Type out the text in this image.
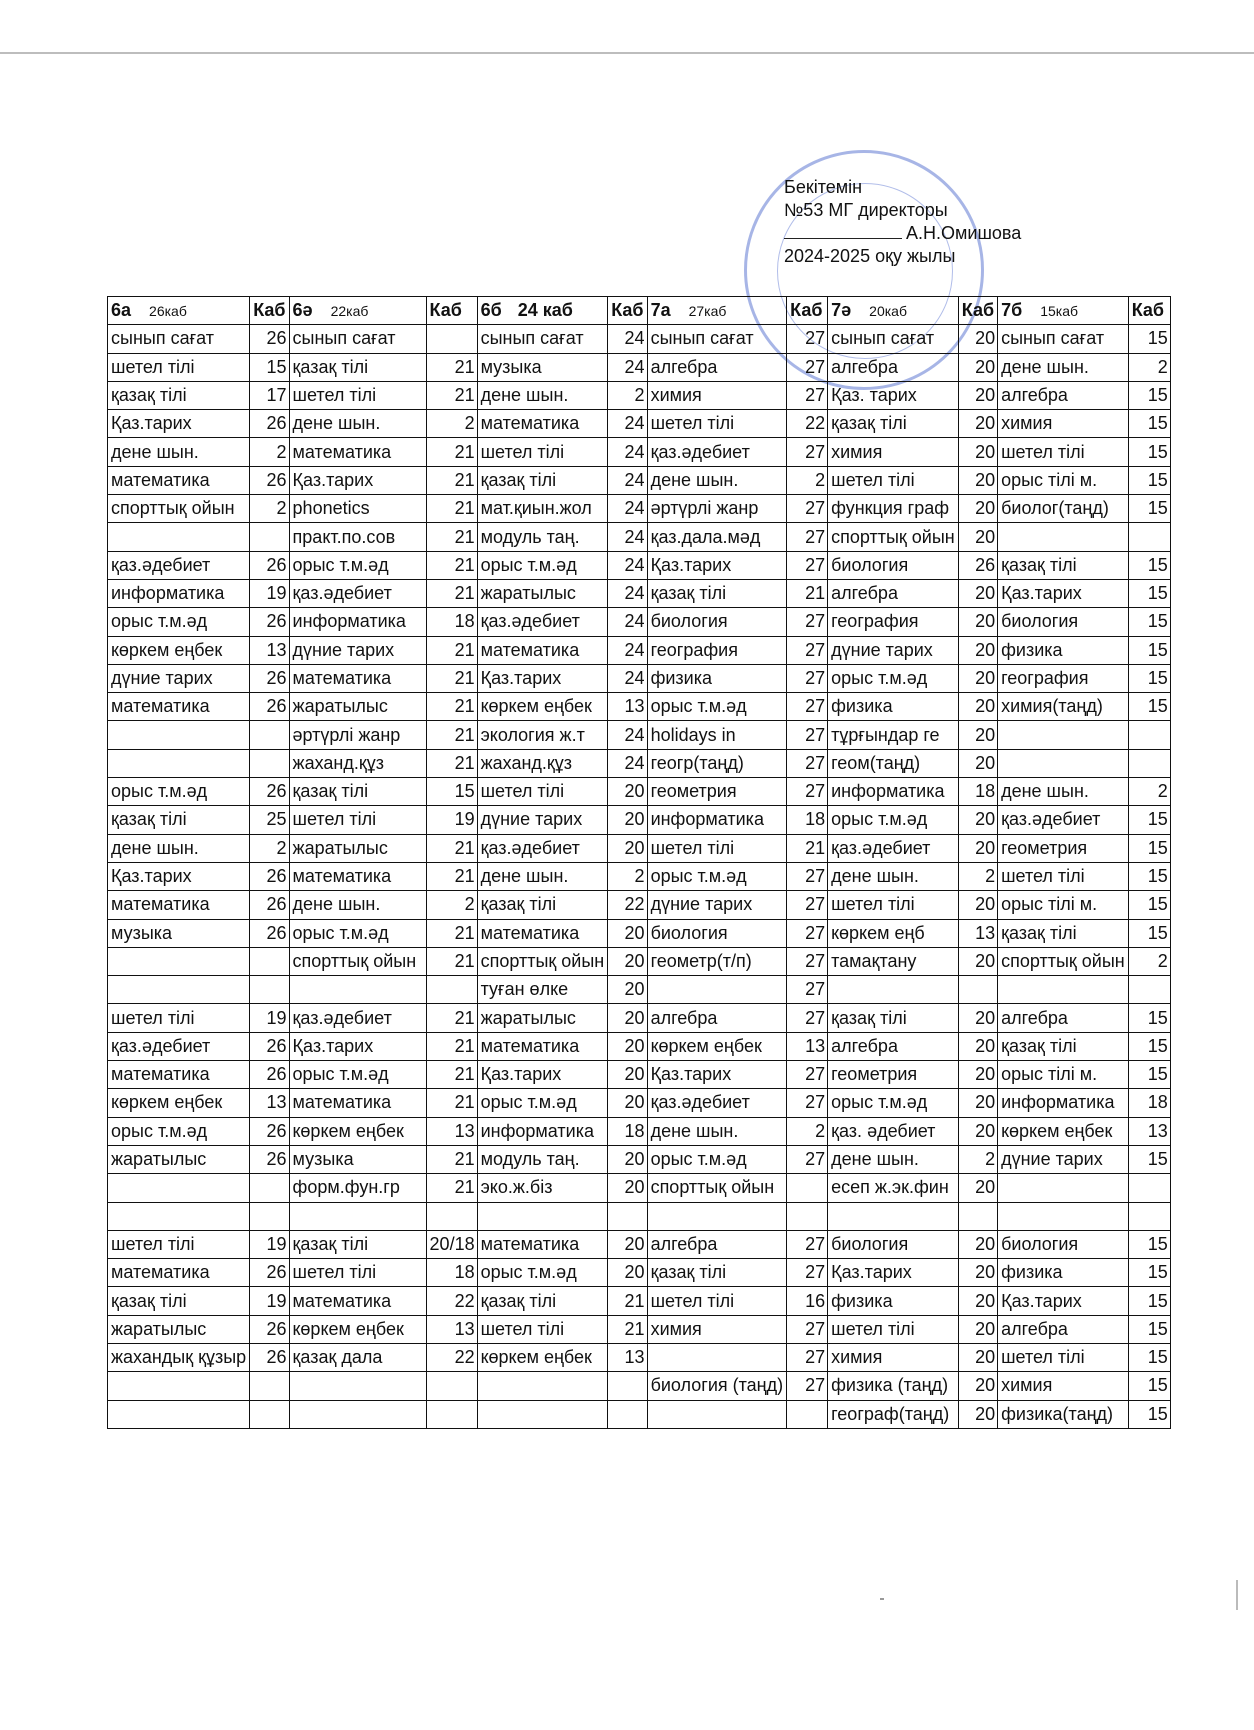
Бекітемін
№53 МГ директоры
А.Н.Омишова
2024-2025 оқу жылы
6а 26каб	Каб	6ә 22каб	Каб	6б 24 каб	Каб	7а 27каб	Каб	7ә 20каб	Каб	7б 15каб	Каб
сынып сағат	26	сынып сағат		сынып сағат	24	сынып сағат	27	сынып сағат	20	сынып сағат	15
шетел тілі	15	қазақ тілі	21	музыка	24	алгебра	27	алгебра	20	дене шын.	2
қазақ тілі	17	шетел тілі	21	дене шын.	2	химия	27	Қаз. тарих	20	алгебра	15
Қаз.тарих	26	дене шын.	2	математика	24	шетел тілі	22	қазақ тілі	20	химия	15
дене шын.	2	математика	21	шетел тілі	24	қаз.әдебиет	27	химия	20	шетел тілі	15
математика	26	Қаз.тарих	21	қазақ тілі	24	дене шын.	2	шетел тілі	20	орыс тілі м.	15
спорттық ойын	2	phonetics	21	мат.қиын.жол	24	әртүрлі жанр	27	функция граф	20	биолог(таңд)	15
		практ.по.сов	21	модуль таң.	24	қаз.дала.мәд	27	спорттық ойын	20		
қаз.әдебиет	26	орыс т.м.әд	21	орыс т.м.әд	24	Қаз.тарих	27	биология	26	қазақ тілі	15
информатика	19	қаз.әдебиет	21	жаратылыс	24	қазақ тілі	21	алгебра	20	Қаз.тарих	15
орыс т.м.әд	26	информатика	18	қаз.әдебиет	24	биология	27	география	20	биология	15
көркем еңбек	13	дүние тарих	21	математика	24	география	27	дүние тарих	20	физика	15
дүние тарих	26	математика	21	Қаз.тарих	24	физика	27	орыс т.м.әд	20	география	15
математика	26	жаратылыс	21	көркем еңбек	13	орыс т.м.әд	27	физика	20	химия(таңд)	15
		әртүрлі жанр	21	экология ж.т	24	holidays in	27	тұрғындар ге	20		
		жаханд.құз	21	жаханд.құз	24	геогр(таңд)	27	геом(таңд)	20		
орыс т.м.әд	26	қазақ тілі	15	шетел тілі	20	геометрия	27	информатика	18	дене шын.	2
қазақ тілі	25	шетел тілі	19	дүние тарих	20	информатика	18	орыс т.м.әд	20	қаз.әдебиет	15
дене шын.	2	жаратылыс	21	қаз.әдебиет	20	шетел тілі	21	қаз.әдебиет	20	геометрия	15
Қаз.тарих	26	математика	21	дене шын.	2	орыс т.м.әд	27	дене шын.	2	шетел тілі	15
математика	26	дене шын.	2	қазақ тілі	22	дүние тарих	27	шетел тілі	20	орыс тілі м.	15
музыка	26	орыс т.м.әд	21	математика	20	биология	27	көркем еңб	13	қазақ тілі	15
		спорттық ойын	21	спорттық ойын	20	геометр(т/п)	27	тамақтану	20	спорттық ойын	2
				туған өлке	20		27				
шетел тілі	19	қаз.әдебиет	21	жаратылыс	20	алгебра	27	қазақ тілі	20	алгебра	15
қаз.әдебиет	26	Қаз.тарих	21	математика	20	көркем еңбек	13	алгебра	20	қазақ тілі	15
математика	26	орыс т.м.әд	21	Қаз.тарих	20	Қаз.тарих	27	геометрия	20	орыс тілі м.	15
көркем еңбек	13	математика	21	орыс т.м.әд	20	қаз.әдебиет	27	орыс т.м.әд	20	информатика	18
орыс т.м.әд	26	көркем еңбек	13	информатика	18	дене шын.	2	қаз. әдебиет	20	көркем еңбек	13
жаратылыс	26	музыка	21	модуль таң.	20	орыс т.м.әд	27	дене шын.	2	дүние тарих	15
		форм.фун.гр	21	эко.ж.біз	20	спорттық ойын		есеп ж.эк.фин	20		

шетел тілі	19	қазақ тілі	20/18	математика	20	алгебра	27	биология	20	биология	15
математика	26	шетел тілі	18	орыс т.м.әд	20	қазақ тілі	27	Қаз.тарих	20	физика	15
қазақ тілі	19	математика	22	қазақ тілі	21	шетел тілі	16	физика	20	Қаз.тарих	15
жаратылыс	26	көркем еңбек	13	шетел тілі	21	химия	27	шетел тілі	20	алгебра	15
жахандық құзыр	26	қазақ дала	22	көркем еңбек	13		27	химия	20	шетел тілі	15
						биология (таңд)	27	физика (таңд)	20	химия	15
								географ(таңд)	20	физика(таңд)	15
